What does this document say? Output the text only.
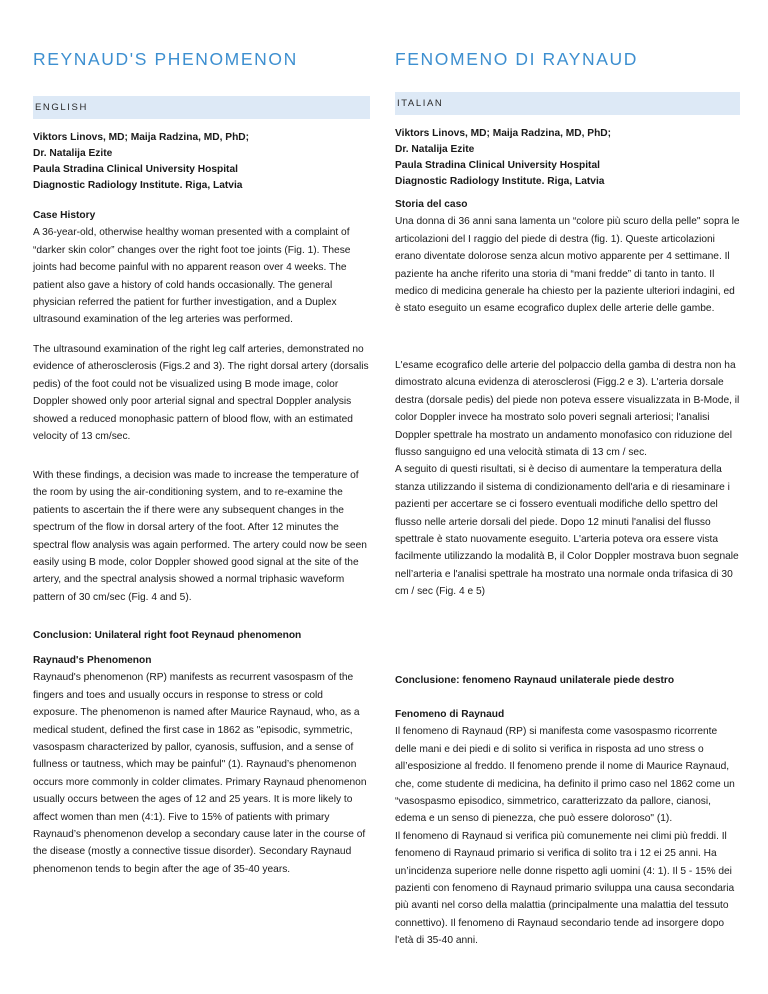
REYNAUD'S PHENOMENON
ENGLISH
Viktors Linovs, MD; Maija Radzina, MD, PhD;
Dr. Natalija Ezite
Paula Stradina Clinical University Hospital
Diagnostic Radiology Institute. Riga, Latvia

Case History

A 36-year-old, otherwise healthy woman presented with a complaint of “darker skin color” changes over the right foot toe joints (Fig. 1). These joints had become painful with no apparent reason over 4 weeks. The patient also gave a history of cold hands occasionally. The general physician referred the patient for further investigation, and a Duplex ultrasound examination of the leg arteries was performed.

The ultrasound examination of the right leg calf arteries, demonstrated no evidence of atherosclerosis (Figs.2 and 3). The right dorsal artery (dorsalis pedis) of the foot could not be visualized using B mode image, color Doppler showed only poor arterial signal and spectral Doppler analysis showed a reduced monophasic pattern of blood flow, with an estimated velocity of 13 cm/sec.

With these findings, a decision was made to increase the temperature of the room by using the air-conditioning system, and to re-examine the patients to ascertain the if there were any subsequent changes in the spectrum of the flow in dorsal artery of the foot. After 12 minutes the spectral flow analysis was again performed. The artery could now be seen easily using B mode, color Doppler showed good signal at the site of the artery, and the spectral analysis showed a normal triphasic waveform pattern of 30 cm/sec (Fig. 4 and 5).

Conclusion: Unilateral right foot Reynaud phenomenon

Raynaud's Phenomenon

Raynaud's phenomenon (RP) manifests as recurrent vasospasm of the fingers and toes and usually occurs in response to stress or cold exposure. The phenomenon is named after Maurice Raynaud, who, as a medical student, defined the first case in 1862 as "episodic, symmetric, vasospasm characterized by pallor, cyanosis, suffusion, and a sense of fullness or tautness, which may be painful" (1). Raynaud’s phenomenon occurs more commonly in colder climates. Primary Raynaud phenomenon usually occurs between the ages of 12 and 25 years. It is more likely to affect women than men (4:1). Five to 15% of patients with primary Raynaud’s phenomenon develop a secondary cause later in the course of the disease (mostly a connective tissue disorder). Secondary Raynaud phenomenon tends to begin after the age of 35-40 years.

FENOMENO DI RAYNAUD
ITALIAN
Viktors Linovs, MD; Maija Radzina, MD, PhD;
Dr. Natalija Ezite
Paula Stradina Clinical University Hospital
Diagnostic Radiology Institute. Riga, Latvia

Storia del caso

Una donna di 36 anni sana lamenta un “colore più scuro della pelle" sopra le articolazioni del I raggio del piede di destra (fig. 1). Queste articolazioni erano diventate dolorose senza alcun motivo apparente per 4 settimane. Il paziente ha anche riferito una storia di “mani fredde” di tanto in tanto. Il medico di medicina generale ha chiesto per la paziente ulteriori indagini, ed è stato eseguito un esame ecografico duplex delle arterie delle gambe.

L'esame ecografico delle arterie del polpaccio della gamba di destra non ha dimostrato alcuna evidenza di aterosclerosi (Figg.2 e 3). L'arteria dorsale destra (dorsale pedis) del piede non poteva essere visualizzata in B-Mode, il color Doppler invece ha mostrato solo poveri segnali arteriosi; l'analisi Doppler spettrale ha mostrato un andamento monofasico con riduzione del flusso sanguigno ed una velocità stimata di 13 cm / sec.

A seguito di questi risultati, si è deciso di aumentare la temperatura della stanza utilizzando il sistema di condizionamento dell'aria e di riesaminare i pazienti per accertare se ci fossero eventuali modifiche dello spettro del flusso nelle arterie dorsali del piede. Dopo 12 minuti l'analisi del flusso spettrale è stato nuovamente eseguito. L'arteria poteva ora essere vista facilmente utilizzando la modalità B, il Color Doppler mostrava buon segnale nell’arteria e l'analisi spettrale ha mostrato una normale onda trifasica di 30 cm / sec (Fig. 4 e 5)

Conclusione: fenomeno Raynaud unilaterale piede destro

Fenomeno di Raynaud

Il fenomeno di Raynaud (RP) si manifesta come vasospasmo ricorrente delle mani e dei piedi e di solito si verifica in risposta ad uno stress o all’esposizione al freddo. Il fenomeno prende il nome di Maurice Raynaud, che, come studente di medicina, ha definito il primo caso nel 1862 come un “vasospasmo episodico, simmetrico, caratterizzato da pallore, cianosi, edema e un senso di pienezza, che può essere doloroso" (1).

Il fenomeno di Raynaud si verifica più comunemente nei climi più freddi. Il fenomeno di Raynaud primario si verifica di solito tra i 12 ei 25 anni. Ha un’incidenza superiore nelle donne rispetto agli uomini (4: 1). Il 5 - 15% dei pazienti con fenomeno di Raynaud primario sviluppa una causa secondaria più avanti nel corso della malattia (principalmente una malattia del tessuto connettivo). Il fenomeno di Raynaud secondario tende ad insorgere dopo l'età di 35-40 anni.
